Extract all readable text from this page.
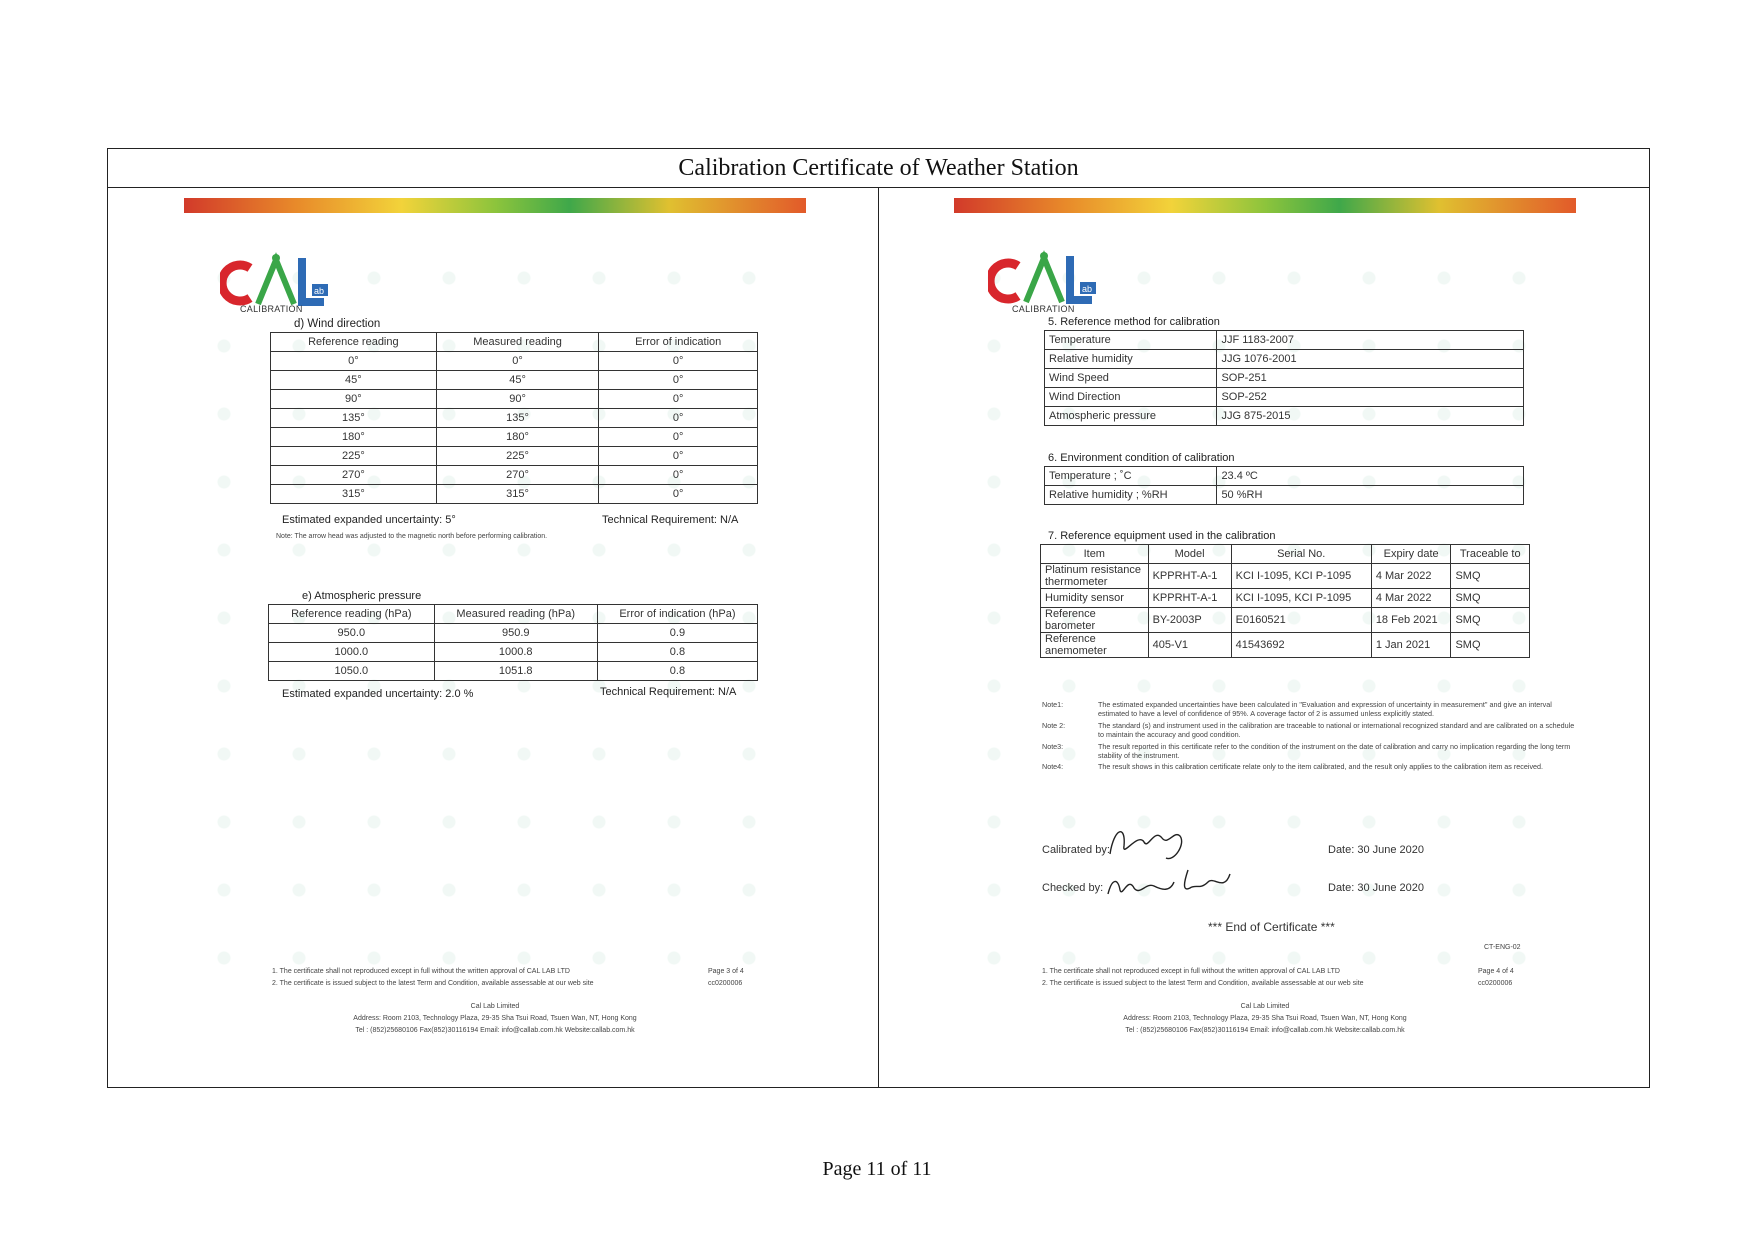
Calibration Certificate of Weather Station
ab
CALIBRATION
d) Wind direction
Reference reading	Measured reading	Error of indication
0°	0°	0°
45°	45°	0°
90°	90°	0°
135°	135°	0°
180°	180°	0°
225°	225°	0°
270°	270°	0°
315°	315°	0°
Estimated expanded uncertainty: 5°	Technical Requirement: N/A
Note: The arrow head was adjusted to the magnetic north before performing calibration.
e) Atmospheric pressure
Reference reading (hPa)	Measured reading (hPa)	Error of indication (hPa)
950.0	950.9	0.9
1000.0	1000.8	0.8
1050.0	1051.8	0.8
Estimated expanded uncertainty: 2.0 %	Technical Requirement: N/A
1. The certificate shall not reproduced except in full without the written approval of CAL LAB LTD
2. The certificate is issued subject to the latest Term and Condition, available assessable at our web site
Page 3 of 4
cc0200006
Cal Lab Limited
Address: Room 2103, Technology Plaza, 29-35 Sha Tsui Road, Tsuen Wan, NT, Hong Kong
Tel : (852)25680106 Fax(852)30116194 Email: info@callab.com.hk Website:callab.com.hk
ab
CALIBRATION
5. Reference method for calibration
Temperature	JJF 1183-2007
Relative humidity	JJG 1076-2001
Wind Speed	SOP-251
Wind Direction	SOP-252
Atmospheric pressure	JJG 875-2015
6. Environment condition of calibration
Temperature ; ˚C	23.4 ºC
Relative humidity ; %RH	50 %RH
7. Reference equipment used in the calibration
Item	Model	Serial No.	Expiry date	Traceable to
Platinum resistance thermometer	KPPRHT-A-1	KCI I-1095, KCI P-1095	4 Mar 2022	SMQ
Humidity sensor	KPPRHT-A-1	KCI I-1095, KCI P-1095	4 Mar 2022	SMQ
Reference barometer	BY-2003P	E0160521	18 Feb 2021	SMQ
Reference anemometer	405-V1	41543692	1 Jan 2021	SMQ
Note1:	The estimated expanded uncertainties have been calculated in "Evaluation and expression of uncertainty in measurement" and give an interval estimated to have a level of confidence of 95%. A coverage factor of 2 is assumed unless explicitly stated.
Note 2:	The standard (s) and instrument used in the calibration are traceable to national or international recognized standard and are calibrated on a schedule to maintain the accuracy and good condition.
Note3:	The result reported in this certificate refer to the condition of the instrument on the date of calibration and carry no implication regarding the long term stability of the instrument.
Note4:	The result shows in this calibration certificate relate only to the item calibrated, and the result only applies to the calibration item as received.
Calibrated by:
Checked by:
Date: 30 June 2020
Date: 30 June 2020
*** End of Certificate ***
CT-ENG-02
1. The certificate shall not reproduced except in full without the written approval of CAL LAB LTD
2. The certificate is issued subject to the latest Term and Condition, available assessable at our web site
Page 4 of 4
cc0200006
Cal Lab Limited
Address: Room 2103, Technology Plaza, 29-35 Sha Tsui Road, Tsuen Wan, NT, Hong Kong
Tel : (852)25680106 Fax(852)30116194 Email: info@callab.com.hk Website:callab.com.hk
Page 11 of 11
